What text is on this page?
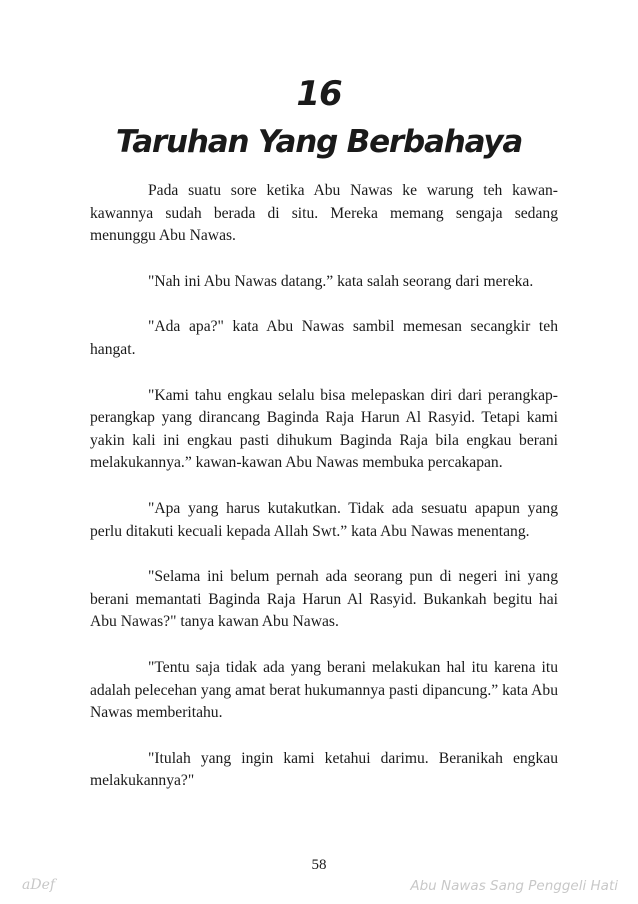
16
Taruhan Yang Berbahaya

Pada suatu sore ketika Abu Nawas ke warung teh kawan-kawannya sudah berada di situ. Mereka memang sengaja sedang menunggu Abu Nawas.

"Nah ini Abu Nawas datang.” kata salah seorang dari mereka.

"Ada apa?" kata Abu Nawas sambil memesan secangkir teh hangat.

"Kami tahu engkau selalu bisa melepaskan diri dari perangkap-perangkap yang dirancang Baginda Raja Harun Al Rasyid. Tetapi kami yakin kali ini engkau pasti dihukum Baginda Raja bila engkau berani melakukannya.” kawan-kawan Abu Nawas membuka percakapan.

"Apa yang harus kutakutkan. Tidak ada sesuatu apapun yang perlu ditakuti kecuali kepada Allah Swt.” kata Abu Nawas menentang.

"Selama ini belum pernah ada seorang pun di negeri ini yang berani memantati Baginda Raja Harun Al Rasyid. Bukankah begitu hai Abu Nawas?" tanya kawan Abu Nawas.

"Tentu saja tidak ada yang berani melakukan hal itu karena itu adalah pelecehan yang amat berat hukumannya pasti dipancung.” kata Abu Nawas memberitahu.

"Itulah yang ingin kami ketahui darimu. Beranikah engkau melakukannya?"

58
aDef	Abu Nawas Sang Penggeli Hati
